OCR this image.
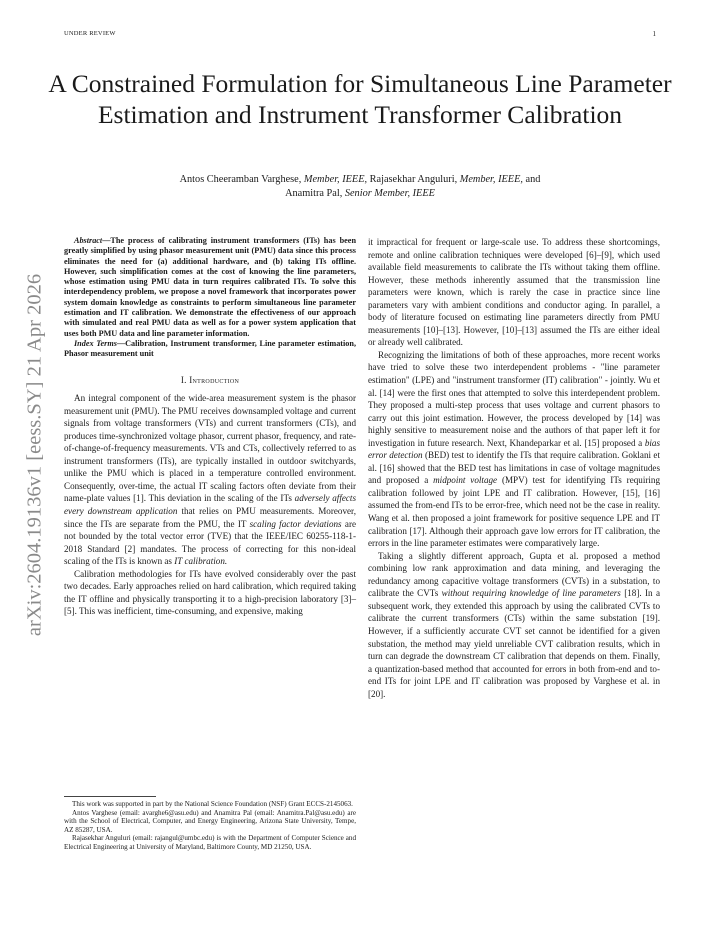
UNDER REVIEW	1
arXiv:2604.19136v1 [eess.SY] 21 Apr 2026
A Constrained Formulation for Simultaneous Line Parameter Estimation and Instrument Transformer Calibration
Antos Cheeramban Varghese, Member, IEEE, Rajasekhar Anguluri, Member, IEEE, and
Anamitra Pal, Senior Member, IEEE

Abstract—The process of calibrating instrument transformers (ITs) has been greatly simplified by using phasor measurement unit (PMU) data since this process eliminates the need for (a) additional hardware, and (b) taking ITs offline. However, such simplification comes at the cost of knowing the line parameters, whose estimation using PMU data in turn requires calibrated ITs. To solve this interdependency problem, we propose a novel framework that incorporates power system domain knowledge as constraints to perform simultaneous line parameter estimation and IT calibration. We demonstrate the effectiveness of our approach with simulated and real PMU data as well as for a power system application that uses both PMU data and line parameter information.

Index Terms—Calibration, Instrument transformer, Line parameter estimation, Phasor measurement unit

I. Introduction

An integral component of the wide-area measurement system is the phasor measurement unit (PMU). The PMU receives downsampled voltage and current signals from voltage transformers (VTs) and current transformers (CTs), and produces time-synchronized voltage phasor, current phasor, frequency, and rate-of-change-of-frequency measurements. VTs and CTs, collectively referred to as instrument transformers (ITs), are typically installed in outdoor switchyards, unlike the PMU which is placed in a temperature controlled environment. Consequently, over-time, the actual IT scaling factors often deviate from their name-plate values [1]. This deviation in the scaling of the ITs adversely affects every downstream application that relies on PMU measurements. Moreover, since the ITs are separate from the PMU, the IT scaling factor deviations are not bounded by the total vector error (TVE) that the IEEE/IEC 60255-118-1-2018 Standard [2] mandates. The process of correcting for this non-ideal scaling of the ITs is known as IT calibration.

Calibration methodologies for ITs have evolved considerably over the past two decades. Early approaches relied on hard calibration, which required taking the IT offline and physically transporting it to a high-precision laboratory [3]–[5]. This was inefficient, time-consuming, and expensive, making

This work was supported in part by the National Science Foundation (NSF) Grant ECCS-2145063.

Antos Varghese (email: avarghe6@asu.edu) and Anamitra Pal (email: Anamitra.Pal@asu.edu) are with the School of Electrical, Computer, and Energy Engineering, Arizona State University, Tempe, AZ 85287, USA.

Rajasekhar Anguluri (email: rajangul@umbc.edu) is with the Department of Computer Science and Electrical Engineering at University of Maryland, Baltimore County, MD 21250, USA.

it impractical for frequent or large-scale use. To address these shortcomings, remote and online calibration techniques were developed [6]–[9], which used available field measurements to calibrate the ITs without taking them offline. However, these methods inherently assumed that the transmission line parameters were known, which is rarely the case in practice since line parameters vary with ambient conditions and conductor aging. In parallel, a body of literature focused on estimating line parameters directly from PMU measurements [10]–[13]. However, [10]–[13] assumed the ITs are either ideal or already well calibrated.

Recognizing the limitations of both of these approaches, more recent works have tried to solve these two interdependent problems - "line parameter estimation" (LPE) and "instrument transformer (IT) calibration" - jointly. Wu et al. [14] were the first ones that attempted to solve this interdependent problem. They proposed a multi-step process that uses voltage and current phasors to carry out this joint estimation. However, the process developed by [14] was highly sensitive to measurement noise and the authors of that paper left it for investigation in future research. Next, Khandeparkar et al. [15] proposed a bias error detection (BED) test to identify the ITs that require calibration. Goklani et al. [16] showed that the BED test has limitations in case of voltage magnitudes and proposed a midpoint voltage (MPV) test for identifying ITs requiring calibration followed by joint LPE and IT calibration. However, [15], [16] assumed the from-end ITs to be error-free, which need not be the case in reality. Wang et al. then proposed a joint framework for positive sequence LPE and IT calibration [17]. Although their approach gave low errors for IT calibration, the errors in the line parameter estimates were comparatively large.

Taking a slightly different approach, Gupta et al. proposed a method combining low rank approximation and data mining, and leveraging the redundancy among capacitive voltage transformers (CVTs) in a substation, to calibrate the CVTs without requiring knowledge of line parameters [18]. In a subsequent work, they extended this approach by using the calibrated CVTs to calibrate the current transformers (CTs) within the same substation [19]. However, if a sufficiently accurate CVT set cannot be identified for a given substation, the method may yield unreliable CVT calibration results, which in turn can degrade the downstream CT calibration that depends on them. Finally, a quantization-based method that accounted for errors in both from-end and to-end ITs for joint LPE and IT calibration was proposed by Varghese et al. in [20].
